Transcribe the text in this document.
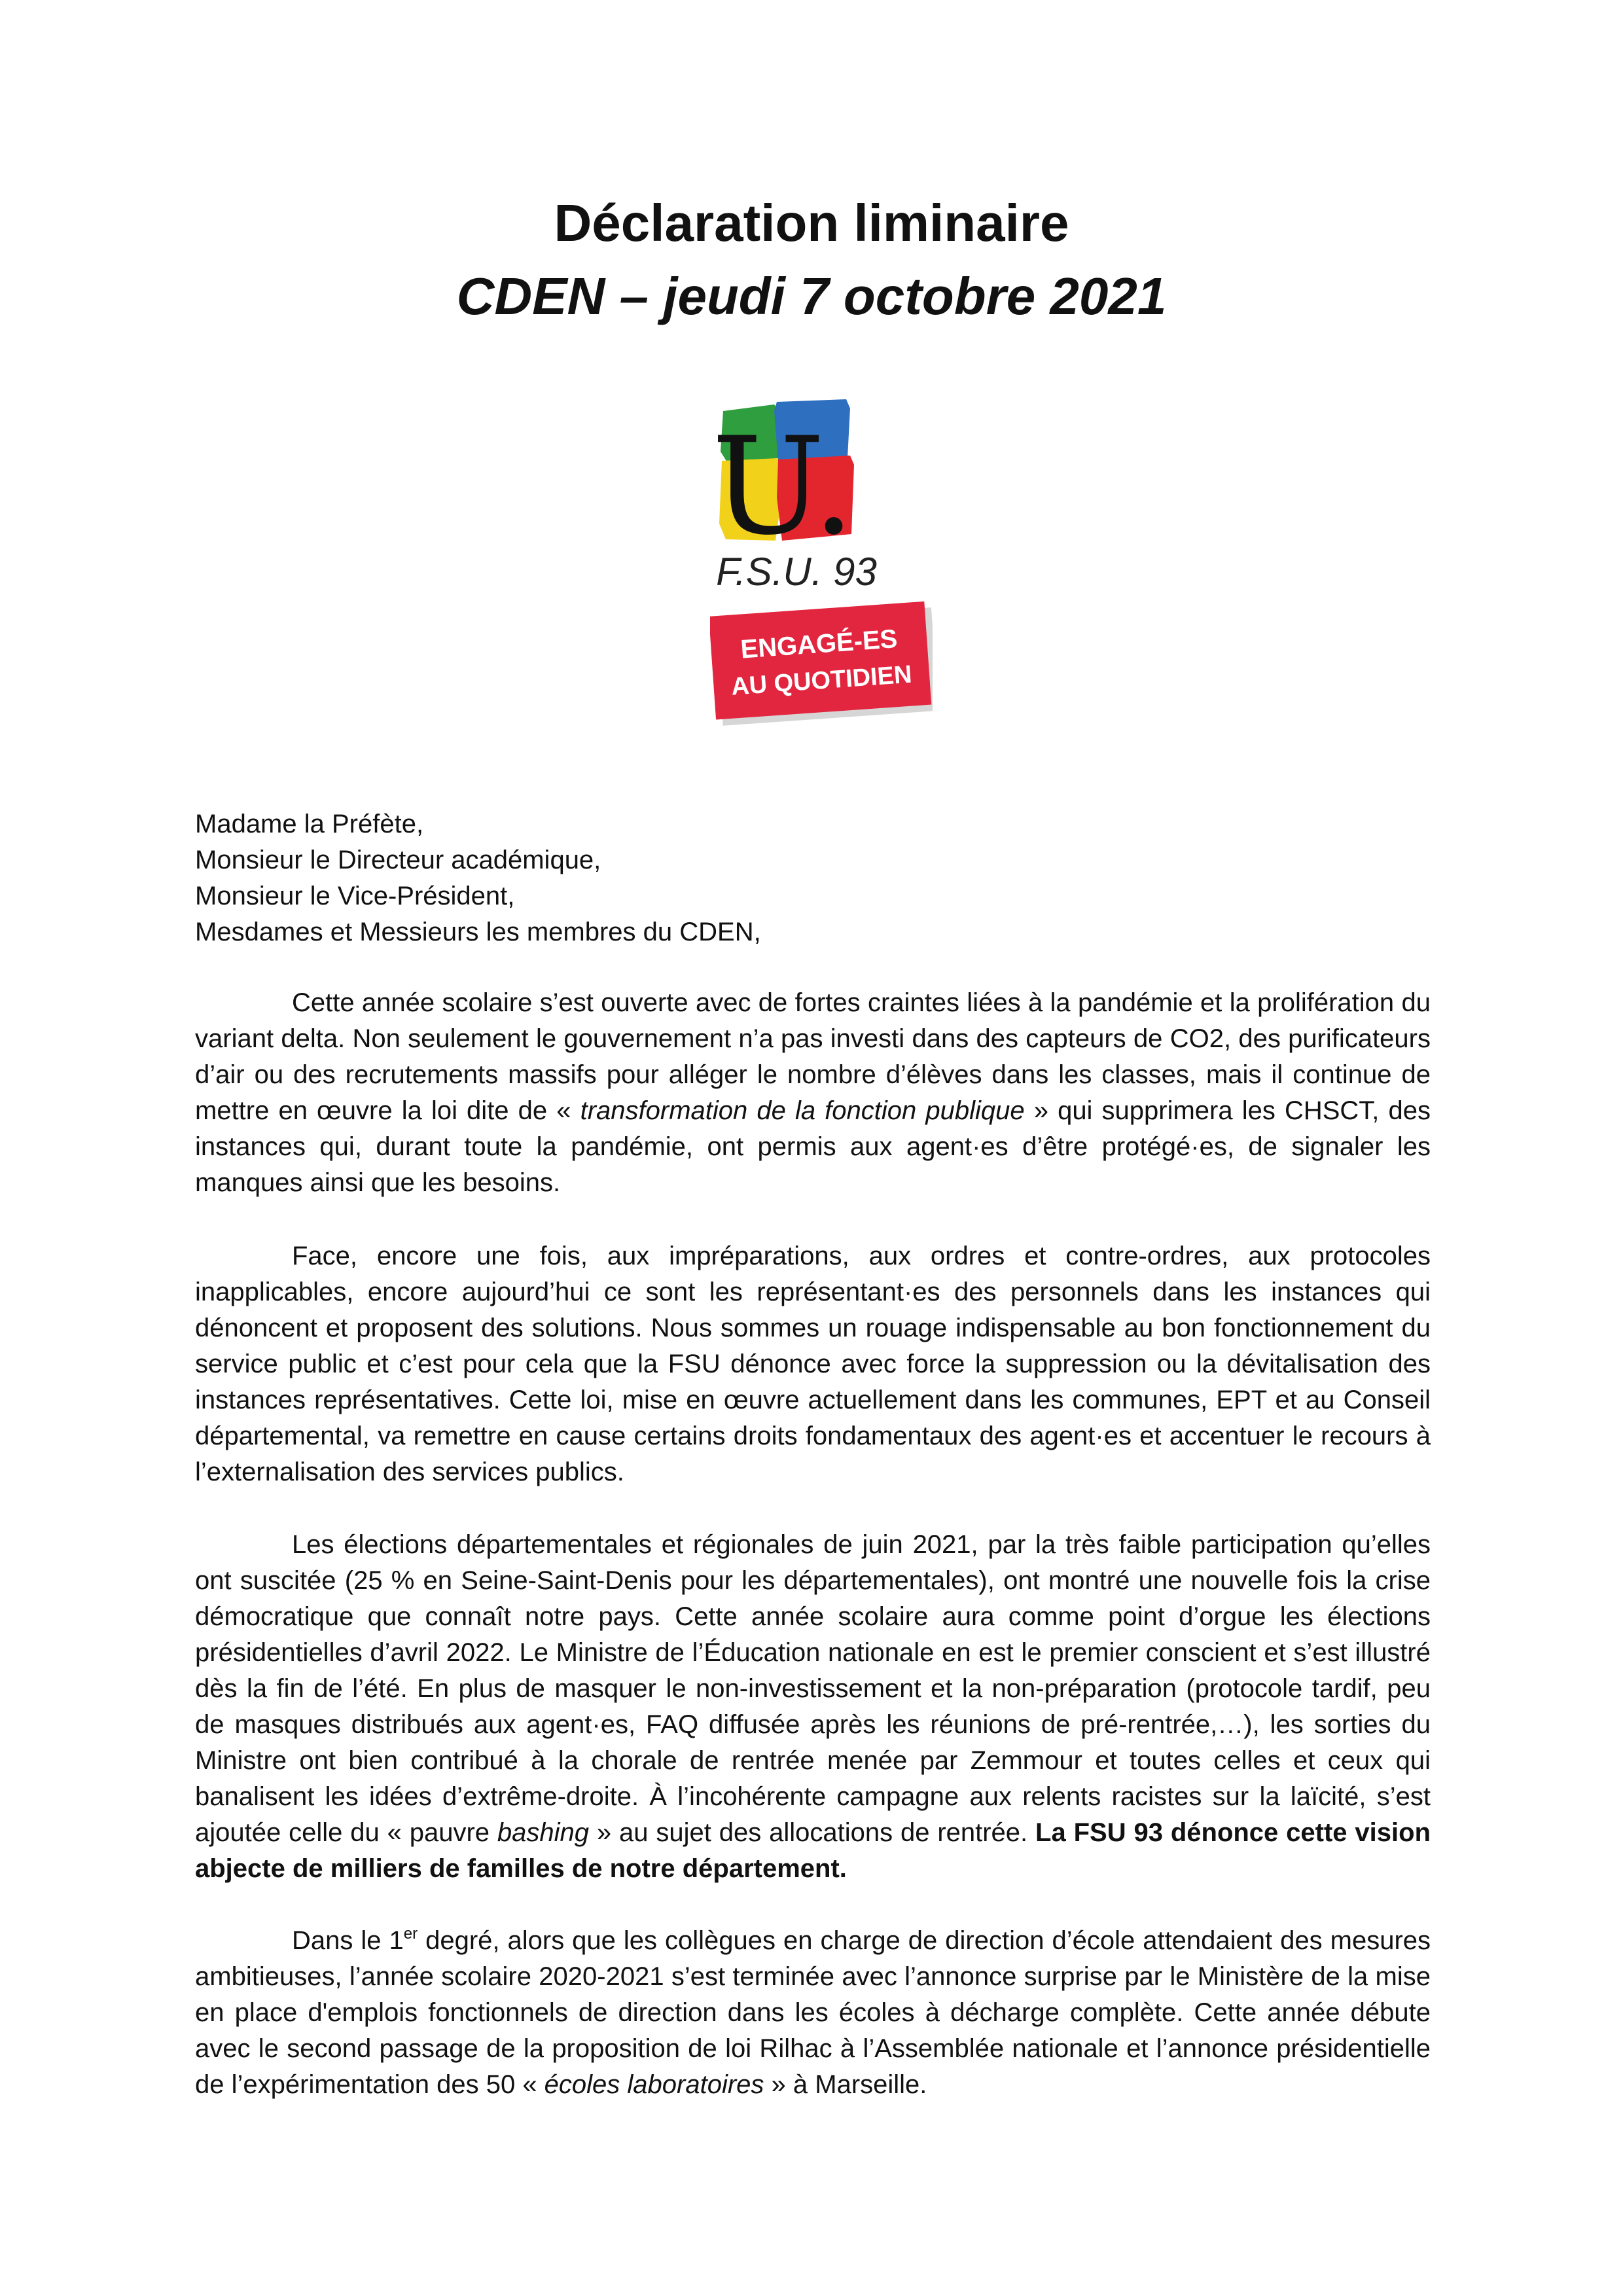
Déclaration liminaire
CDEN – jeudi 7 octobre 2021
U.
F.S.U. 93
ENGAGÉ-ES
AU QUOTIDIEN
Madame la Préfète,
Monsieur le Directeur académique,
Monsieur le Vice-Président,
Mesdames et Messieurs les membres du CDEN,

Cette année scolaire s’est ouverte avec de fortes craintes liées à la pandémie et la prolifération du variant delta. Non seulement le gouvernement n’a pas investi dans des capteurs de CO2, des purificateurs d’air ou des recrutements massifs pour alléger le nombre d’élèves dans les classes, mais il continue de mettre en œuvre la loi dite de « transformation de la fonction publique » qui supprimera les CHSCT, des instances qui, durant toute la pandémie, ont permis aux agent·es d’être protégé·es, de signaler les manques ainsi que les besoins.

Face, encore une fois, aux impréparations, aux ordres et contre-ordres, aux protocoles inapplicables, encore aujourd’hui ce sont les représentant·es des personnels dans les instances qui dénoncent et proposent des solutions. Nous sommes un rouage indispensable au bon fonctionnement du service public et c’est pour cela que la FSU dénonce avec force la suppression ou la dévitalisation des instances représentatives. Cette loi, mise en œuvre actuellement dans les communes, EPT et au Conseil départemental, va remettre en cause certains droits fondamentaux des agent·es et accentuer le recours à l’externalisation des services publics.

Les élections départementales et régionales de juin 2021, par la très faible participation qu’elles ont suscitée (25 % en Seine-Saint-Denis pour les départementales), ont montré une nouvelle fois la crise démocratique que connaît notre pays. Cette année scolaire aura comme point d’orgue les élections présidentielles d’avril 2022. Le Ministre de l’Éducation nationale en est le premier conscient et s’est illustré dès la fin de l’été. En plus de masquer le non-investissement et la non-préparation (protocole tardif, peu de masques distribués aux agent·es, FAQ diffusée après les réunions de pré-rentrée,…), les sorties du Ministre ont bien contribué à la chorale de rentrée menée par Zemmour et toutes celles et ceux qui banalisent les idées d’extrême-droite. À l’incohérente campagne aux relents racistes sur la laïcité, s’est ajoutée celle du « pauvre bashing » au sujet des allocations de rentrée. La FSU 93 dénonce cette vision abjecte de milliers de familles de notre département.

Dans le 1er degré, alors que les collègues en charge de direction d’école attendaient des mesures ambitieuses, l’année scolaire 2020-2021 s’est terminée avec l’annonce surprise par le Ministère de la mise en place d'emplois fonctionnels de direction dans les écoles à décharge complète. Cette année débute avec le second passage de la proposition de loi Rilhac à l’Assemblée nationale et l’annonce présidentielle de l’expérimentation des 50 « écoles laboratoires » à Marseille.
